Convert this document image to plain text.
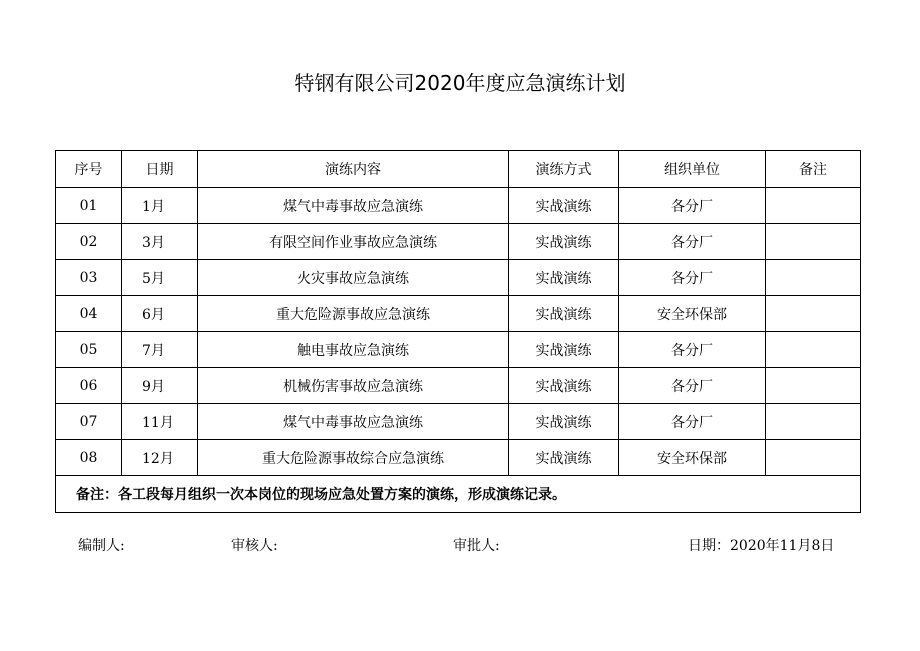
特钢有限公司2020年度应急演练计划
序号	日期	演练内容	演练方式	组织单位	备注
01	1月	煤气中毒事故应急演练	实战演练	各分厂	
02	3月	有限空间作业事故应急演练	实战演练	各分厂	
03	5月	火灾事故应急演练	实战演练	各分厂	
04	6月	重大危险源事故应急演练	实战演练	安全环保部	
05	7月	触电事故应急演练	实战演练	各分厂	
06	9月	机械伤害事故应急演练	实战演练	各分厂	
07	11月	煤气中毒事故应急演练	实战演练	各分厂	
08	12月	重大危险源事故综合应急演练	实战演练	安全环保部	
备注：各工段每月组织一次本岗位的现场应急处置方案的演练，形成演练记录。					
编制人:	审核人:	审批人:	日期：2020年11月8日
